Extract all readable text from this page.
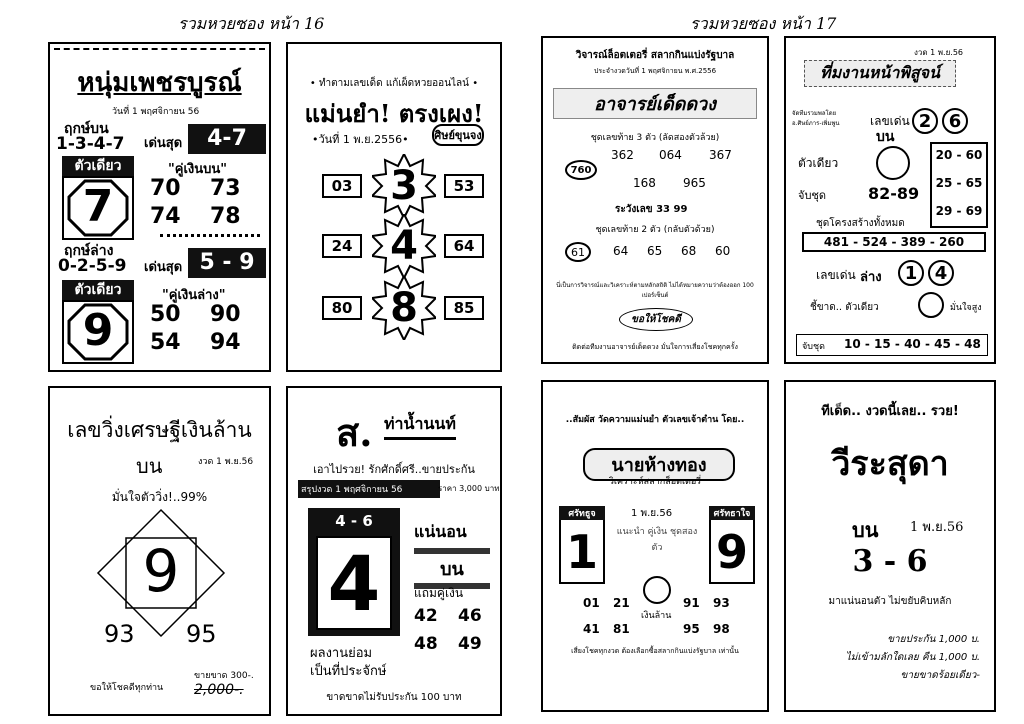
รวมหวยซอง หน้า 16	รวมหวยซอง หน้า 17
หนุ่มเพชรบูรณ์
วันที่ 1 พฤศจิกายน 56
ฤกษ์บน
1-3-4-7 เด่นสุด	4-7
ตัวเดียว
7
"คู่เงินบน"
70 73
74 78
ฤกษ์ล่าง
0-2-5-9 เด่นสุด 5 - 9
ตัวเดียว
9
"คู่เงินล่าง"
50 90
54 94
• ทำตามเลขเด็ด แก้เผ็ดหวยออนไลน์ •
แม่นยำ! ตรงเผง!
•วันที่ 1 พ.ย.2556• ศิษย์ขุนจง
03 3	53
24 4	64
80 8	85
เลขวิ่งเศรษฐีเงินล้าน
บน	งวด 1 พ.ย.56
มั่นใจตัววิ่ง!..99%
9
93 95
ขอให้โชคดีทุกท่าน
ขายขาด 300-.
2,000-.
ส. ท่าน้ำนนท์
เอาไปรวย! รักศักดิ์ศรี..ขายประกัน
สรุปงวด 1 พฤศจิกายน 56	ราคา 3,000 บาท
4 - 6
4
แน่นอน
บน
แถมคู่เงิน
42 46
48 49
ผลงานย่อม
เป็นที่ประจักษ์
ขาดขาดไม่รับประกัน 100 บาท
วิจารณ์ล็อตเตอรี่ สลากกินแบ่งรัฐบาล
ประจำงวดวันที่ 1 พฤศจิกายน พ.ศ.2556
อาจารย์เด็ดดวง
ชุดเลขท้าย 3 ตัว (ลัดสองตัวล้วย)
760
362 064 367
168 965
ระวังเลข 33 99
ชุดเลขท้าย 2 ตัว (กลับตัวด้วย)
61	64 65 68 60
นี่เป็นการวิจารณ์และวิเคราะห์ตามหลักสถิติ ไม่ได้หมายความว่าต้องออก 100 เปอร์เซ็นต์
ขอให้โชคดี
ติดต่อทีมงานอาจารย์เด็ดดวง มั่นใจการเสี่ยงโชคทุกครั้ง
งวด 1 พ.ย.56
ที่มงานหน้าพิสูจน์
จัดทีมรวมพลโดย อ.ศิษย์ภาร-เพิ่มพูน	เลขเด่น
บน
2 6
ตัวเดียว	8
จับชุด	82-89
20 - 60
25 - 65
29 - 69
ชุดโครงสร้างทั้งหมด
481 - 524 - 389 - 260
เลขเด่น ล่าง	1 4
ชี้ขาด.. ตัวเดียว	4	มั่นใจสูง
จับชุด 10 - 15 - 40 - 45 - 48
..สัมผัส วัดความแม่นยำ ตัวเลขเจ้าตำน โดย..
นายห้างทอง
วิเคราะห์สลากล็อตเตอรี่
ศรัทธูจ
1
1 พ.ย.56
แนะนำ คู่เงิน ชุดสองตัว
ศรัทธาใจ
9
41
เงินล้าน
01 21	91 93
41 81	95 98
เสี่ยงโชคทุกงวด ต้องเลือกซื้อสลากกินแบ่งรัฐบาล เท่านั้น
ทีเด็ด.. งวดนี้เลย.. รวย!
วีระสุดา
บน 1 พ.ย.56
3 - 6
มาแน่นอนตัว ไม่ขยับคิบหลัก
ขายประกัน 1,000 บ.
ไม่เข้ามลักใดเลย คืน 1,000 บ.
ขายขาดร้อยเดียว-
